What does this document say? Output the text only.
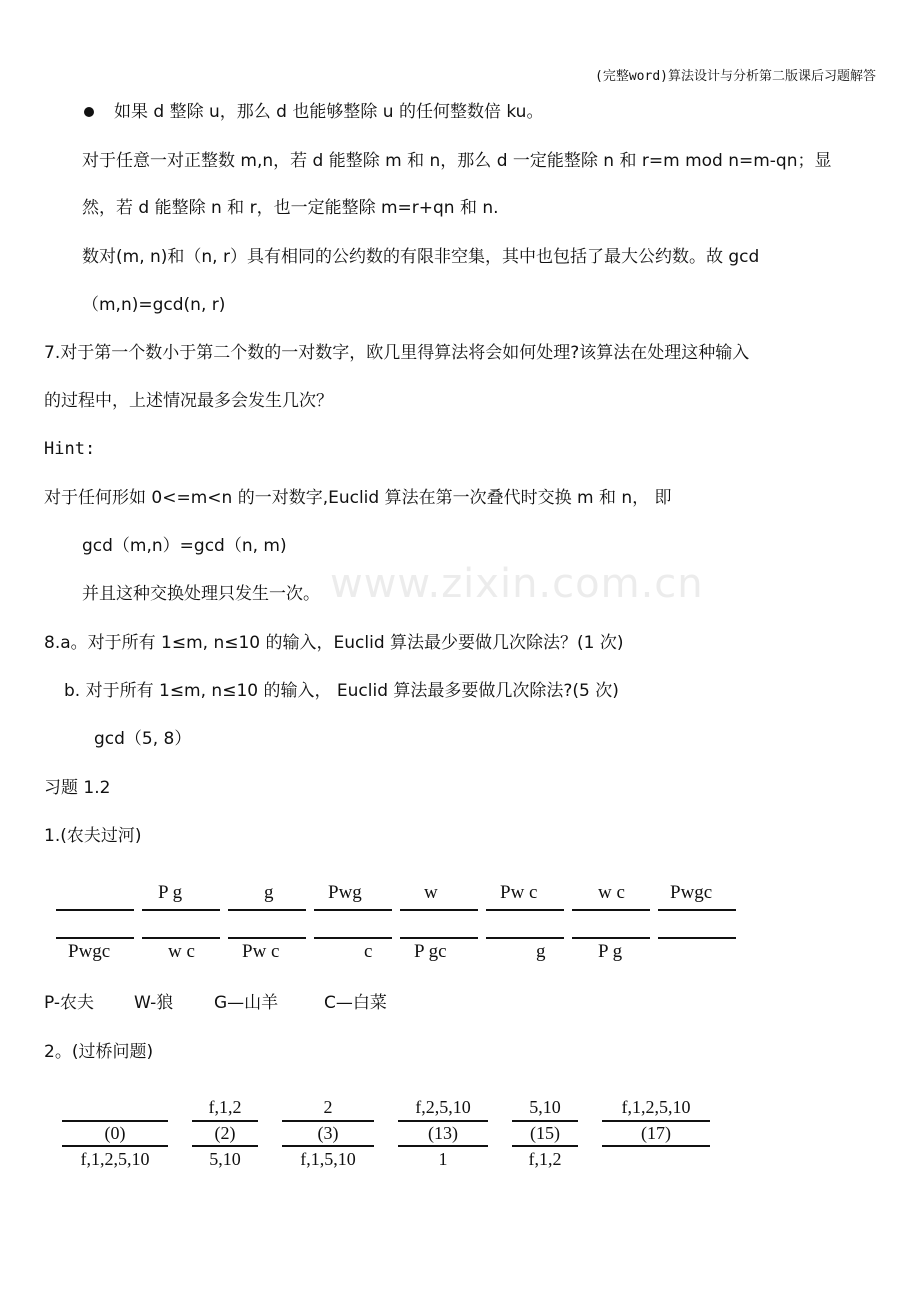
(完整word)算法设计与分析第二版课后习题解答
如果 d 整除 u，那么 d 也能够整除 u 的任何整数倍 ku。
对于任意一对正整数 m,n，若 d 能整除 m 和 n，那么 d 一定能整除 n 和 r=m mod n=m-qn；显
然，若 d 能整除 n 和 r，也一定能整除 m=r+qn 和 n.
数对(m, n)和（n, r）具有相同的公约数的有限非空集，其中也包括了最大公约数。故 gcd
（m,n)=gcd(n, r)
7.对于第一个数小于第二个数的一对数字，欧几里得算法将会如何处理?该算法在处理这种输入
的过程中，上述情况最多会发生几次？
Hint:
对于任何形如 0<=m<n 的一对数字,Euclid 算法在第一次叠代时交换 m 和 n， 即
gcd（m,n）=gcd（n, m)
并且这种交换处理只发生一次。
8.a。对于所有 1≤m, n≤10 的输入，Euclid 算法最少要做几次除法？(1 次)
b. 对于所有 1≤m, n≤10 的输入， Euclid 算法最多要做几次除法?(5 次)
gcd（5, 8）
习题 1.2
1.(农夫过河)
Pwgc
P g
w c
g
Pw c
Pwg
c
w
P gc
Pw c
g
w c
P g
Pwgc
P-农夫 W-狼 G—山羊	C—白菜
2。(过桥问题)
(0)
f,1,2,5,10
f,1,2
(2)
5,10
2
(3)
f,1,5,10
f,2,5,10
(13)
1
5,10
(15)
f,1,2
f,1,2,5,10
(17)
www.zixin.com.cn
